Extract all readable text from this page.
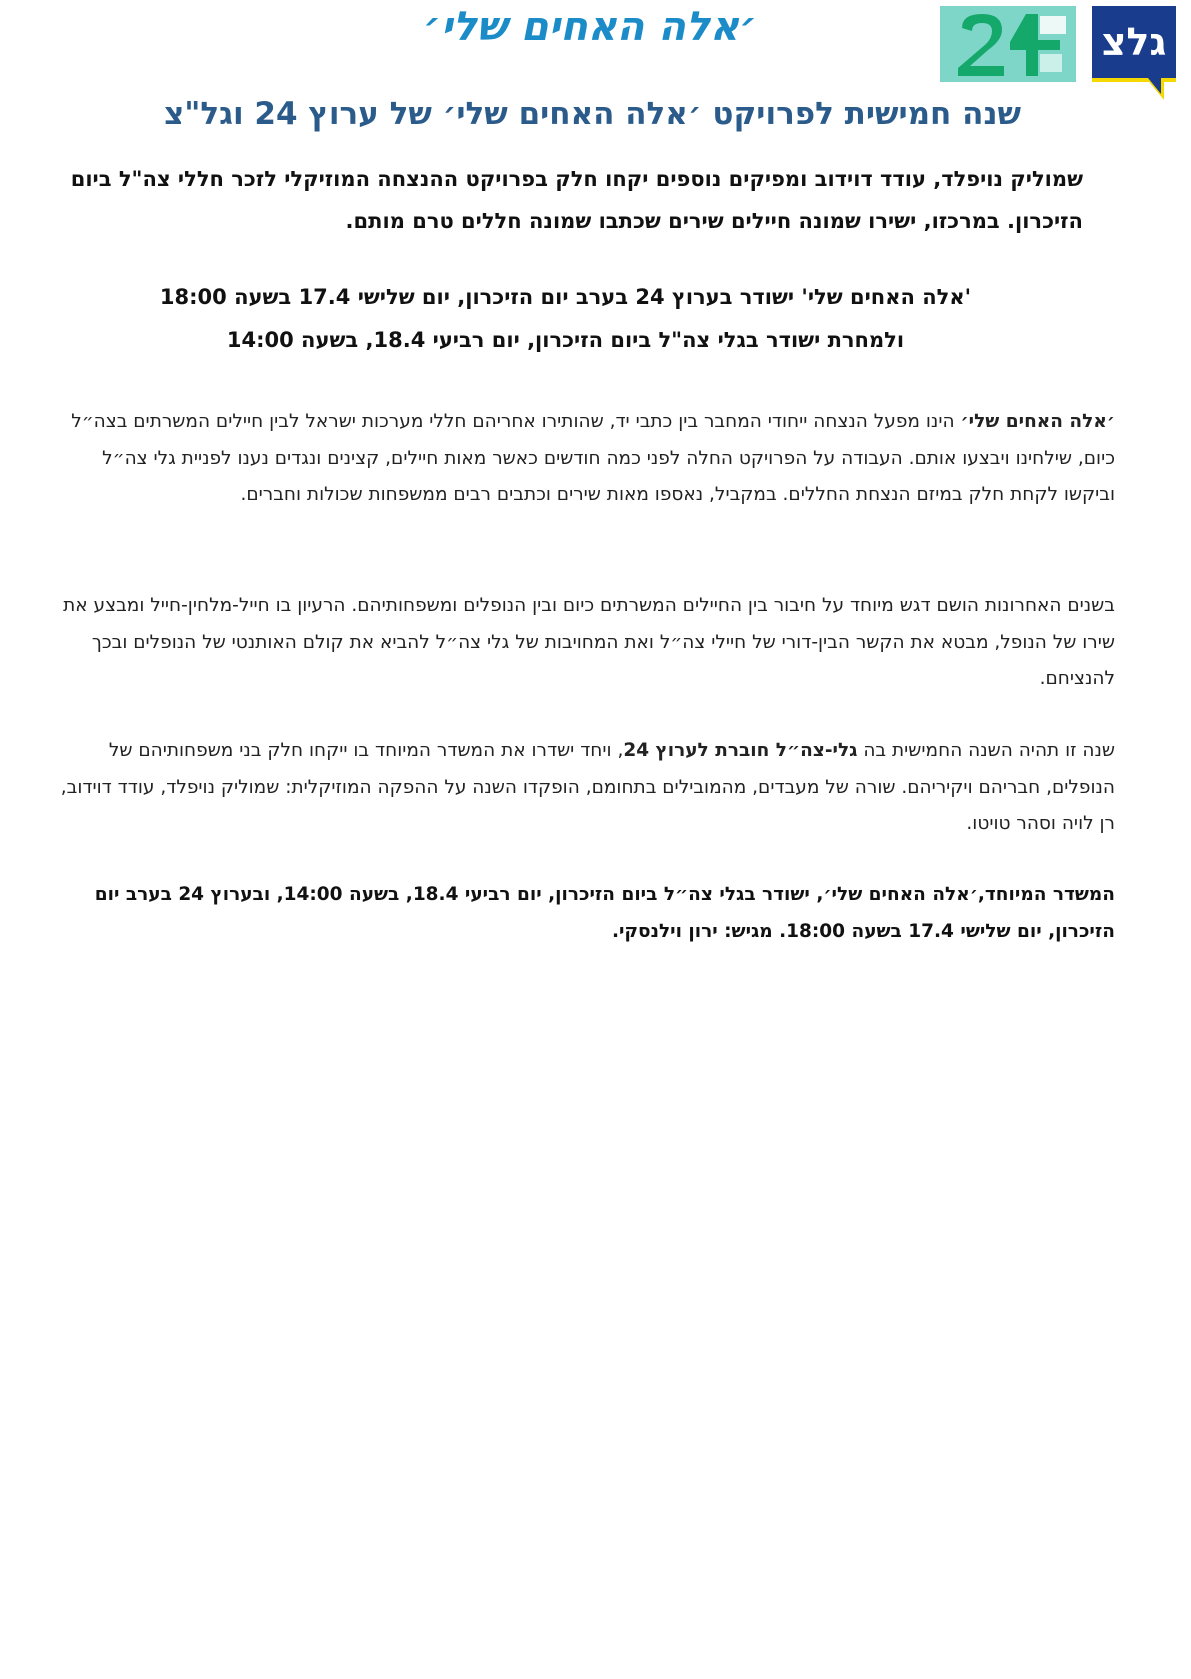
׳אלה האחים שלי׳	גלצ
שנה חמישית לפרויקט ׳אלה האחים שלי׳ של ערוץ 24 וגל"צ

שמוליק נויפלד, עודד דוידוב ומפיקים נוספים יקחו חלק בפרויקט ההנצחה המוזיקלי לזכר חללי צה"ל ביום הזיכרון. במרכזו, ישירו שמונה חיילים שירים שכתבו שמונה חללים טרם מותם.

'אלה האחים שלי' ישודר בערוץ 24 בערב יום הזיכרון, יום שלישי 17.4 בשעה 18:00
ולמחרת ישודר בגלי צה"ל ביום הזיכרון, יום רביעי 18.4, בשעה 14:00

׳אלה האחים שלי׳ הינו מפעל הנצחה ייחודי המחבר בין כתבי יד, שהותירו אחריהם חללי מערכות ישראל לבין חיילים המשרתים בצה״ל כיום, שילחינו ויבצעו אותם. העבודה על הפרויקט החלה לפני כמה חודשים כאשר מאות חיילים, קצינים ונגדים נענו לפניית גלי צה״ל וביקשו לקחת חלק במיזם הנצחת החללים. במקביל, נאספו מאות שירים וכתבים רבים ממשפחות שכולות וחברים.

בשנים האחרונות הושם דגש מיוחד על חיבור בין החיילים המשרתים כיום ובין הנופלים ומשפחותיהם. הרעיון בו חייל-מלחין-חייל ומבצע את שירו של הנופל, מבטא את הקשר הבין-דורי של חיילי צה״ל ואת המחויבות של גלי צה״ל להביא את קולם האותנטי של הנופלים ובכך להנציחם.

שנה זו תהיה השנה החמישית בה גלי-צה״ל חוברת לערוץ 24, ויחד ישדרו את המשדר המיוחד בו ייקחו חלק בני משפחותיהם של הנופלים, חבריהם ויקיריהם. שורה של מעבדים, מהמובילים בתחומם, הופקדו השנה על ההפקה המוזיקלית: שמוליק נויפלד, עודד דוידוב, רן לויה וסהר טויטו.

המשדר המיוחד,׳אלה האחים שלי׳, ישודר בגלי צה״ל ביום הזיכרון, יום רביעי 18.4, בשעה 14:00, ובערוץ 24 בערב יום הזיכרון, יום שלישי 17.4 בשעה 18:00. מגיש: ירון וילנסקי.
